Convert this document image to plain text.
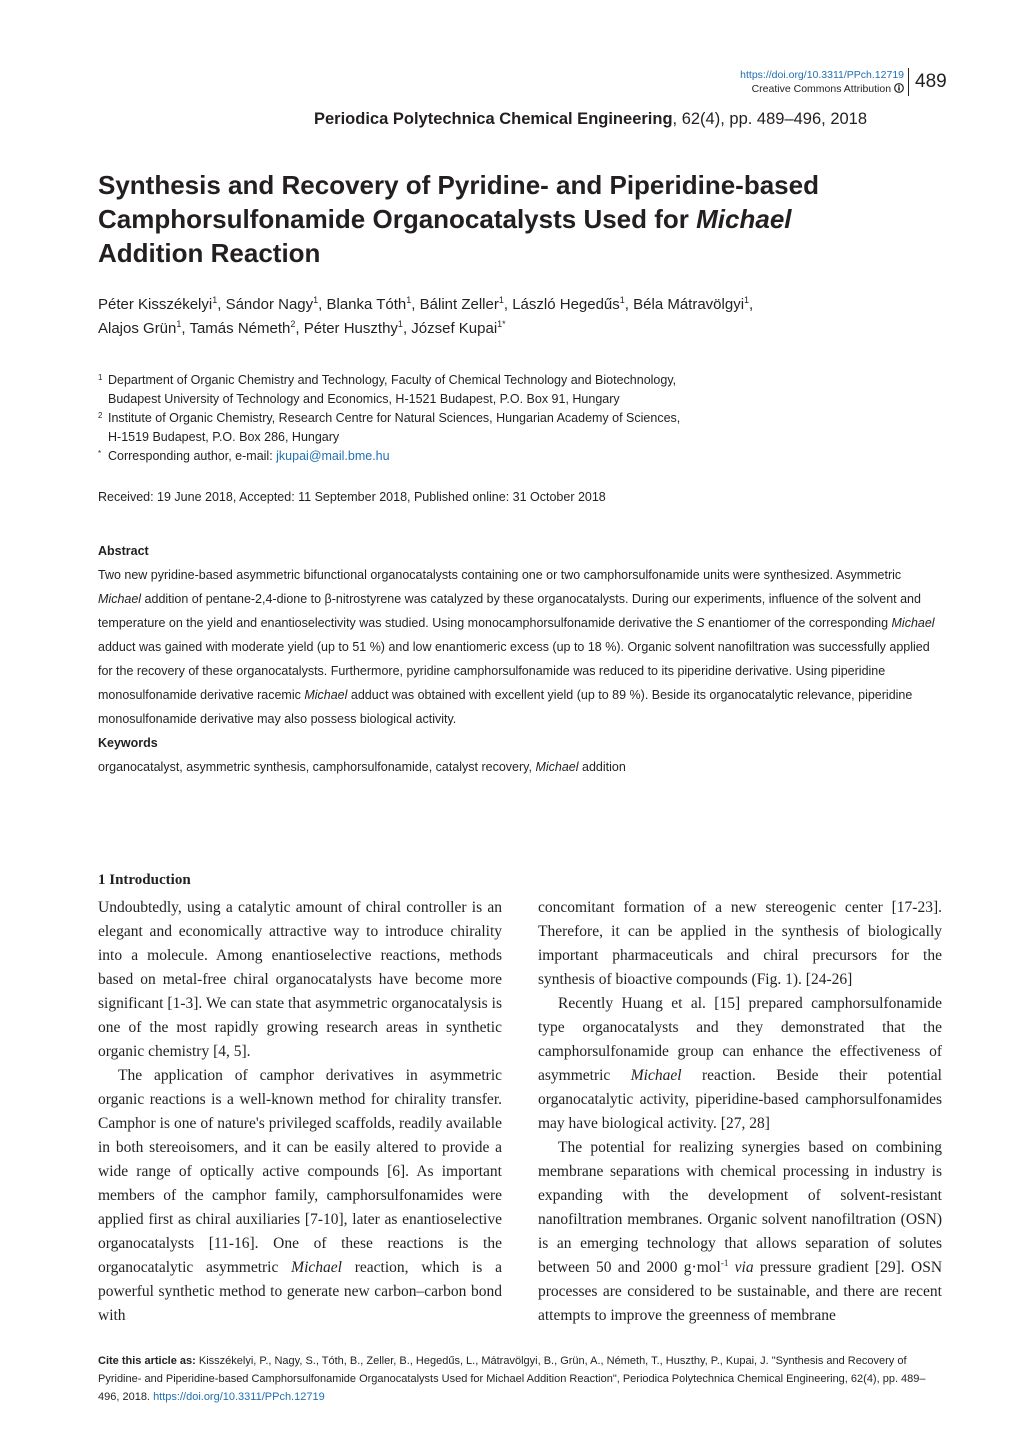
https://doi.org/10.3311/PPch.12719
Creative Commons Attribution	489
Periodica Polytechnica Chemical Engineering, 62(4), pp. 489–496, 2018
Synthesis and Recovery of Pyridine- and Piperidine-based
Camphorsulfonamide Organocatalysts Used for Michael
Addition Reaction
Péter Kisszékelyi$^1$, Sándor Nagy$^1$, Blanka Tóth$^1$, Bálint Zeller$^1$, László Hegedűs$^1$, Béla Mátravölgyi$^1$,
Alajos Grün$^1$, Tamás Németh$^2$, Péter Huszthy$^1$, József Kupai$^{1*}$
1 Department of Organic Chemistry and Technology, Faculty of Chemical Technology and Biotechnology,
Budapest University of Technology and Economics, H-1521 Budapest, P.O. Box 91, Hungary
2 Institute of Organic Chemistry, Research Centre for Natural Sciences, Hungarian Academy of Sciences,
H-1519 Budapest, P.O. Box 286, Hungary
* Corresponding author, e-mail: jkupai@mail.bme.hu
Received: 19 June 2018, Accepted: 11 September 2018, Published online: 31 October 2018
Abstract
Two new pyridine-based asymmetric bifunctional organocatalysts containing one or two camphorsulfonamide units were synthesized. Asymmetric Michael addition of pentane-2,4-dione to β-nitrostyrene was catalyzed by these organocatalysts. During our experiments, influence of the solvent and temperature on the yield and enantioselectivity was studied. Using monocamphorsulfonamide derivative the S enantiomer of the corresponding Michael adduct was gained with moderate yield (up to 51 %) and low enantiomeric excess (up to 18 %). Organic solvent nanofiltration was successfully applied for the recovery of these organocatalysts. Furthermore, pyridine camphorsulfonamide was reduced to its piperidine derivative. Using piperidine monosulfonamide derivative racemic Michael adduct was obtained with excellent yield (up to 89 %). Beside its organocatalytic relevance, piperidine monosulfonamide derivative may also possess biological activity.
Keywords
organocatalyst, asymmetric synthesis, camphorsulfonamide, catalyst recovery, Michael addition
1 Introduction

Undoubtedly, using a catalytic amount of chiral controller is an elegant and economically attractive way to introduce chirality into a molecule. Among enantioselective reactions, methods based on metal-free chiral organocatalysts have become more significant [1-3]. We can state that asymmetric organocatalysis is one of the most rapidly growing research areas in synthetic organic chemistry [4, 5].

The application of camphor derivatives in asymmetric organic reactions is a well-known method for chirality transfer. Camphor is one of nature's privileged scaffolds, readily available in both stereoisomers, and it can be easily altered to provide a wide range of optically active compounds [6]. As important members of the camphor family, camphorsulfonamides were applied first as chiral auxiliaries [7-10], later as enantioselective organocatalysts [11-16]. One of these reactions is the organocatalytic asymmetric Michael reaction, which is a powerful synthetic method to generate new carbon–carbon bond with

concomitant formation of a new stereogenic center [17-23]. Therefore, it can be applied in the synthesis of biologically important pharmaceuticals and chiral precursors for the synthesis of bioactive compounds (Fig. 1). [24-26]

Recently Huang et al. [15] prepared camphorsulfonamide type organocatalysts and they demonstrated that the camphorsulfonamide group can enhance the effectiveness of asymmetric Michael reaction. Beside their potential organocatalytic activity, piperidine-based camphorsulfonamides may have biological activity. [27, 28]

The potential for realizing synergies based on combining membrane separations with chemical processing in industry is expanding with the development of solvent-resistant nanofiltration membranes. Organic solvent nanofiltration (OSN) is an emerging technology that allows separation of solutes between 50 and 2000 g·mol$^{-1}$ via pressure gradient [29]. OSN processes are considered to be sustainable, and there are recent attempts to improve the greenness of membrane

Cite this article as: Kisszékelyi, P., Nagy, S., Tóth, B., Zeller, B., Hegedűs, L., Mátravölgyi, B., Grün, A., Németh, T., Huszthy, P., Kupai, J. "Synthesis and Recovery of Pyridine- and Piperidine-based Camphorsulfonamide Organocatalysts Used for Michael Addition Reaction", Periodica Polytechnica Chemical Engineering, 62(4), pp. 489–496, 2018. https://doi.org/10.3311/PPch.12719
